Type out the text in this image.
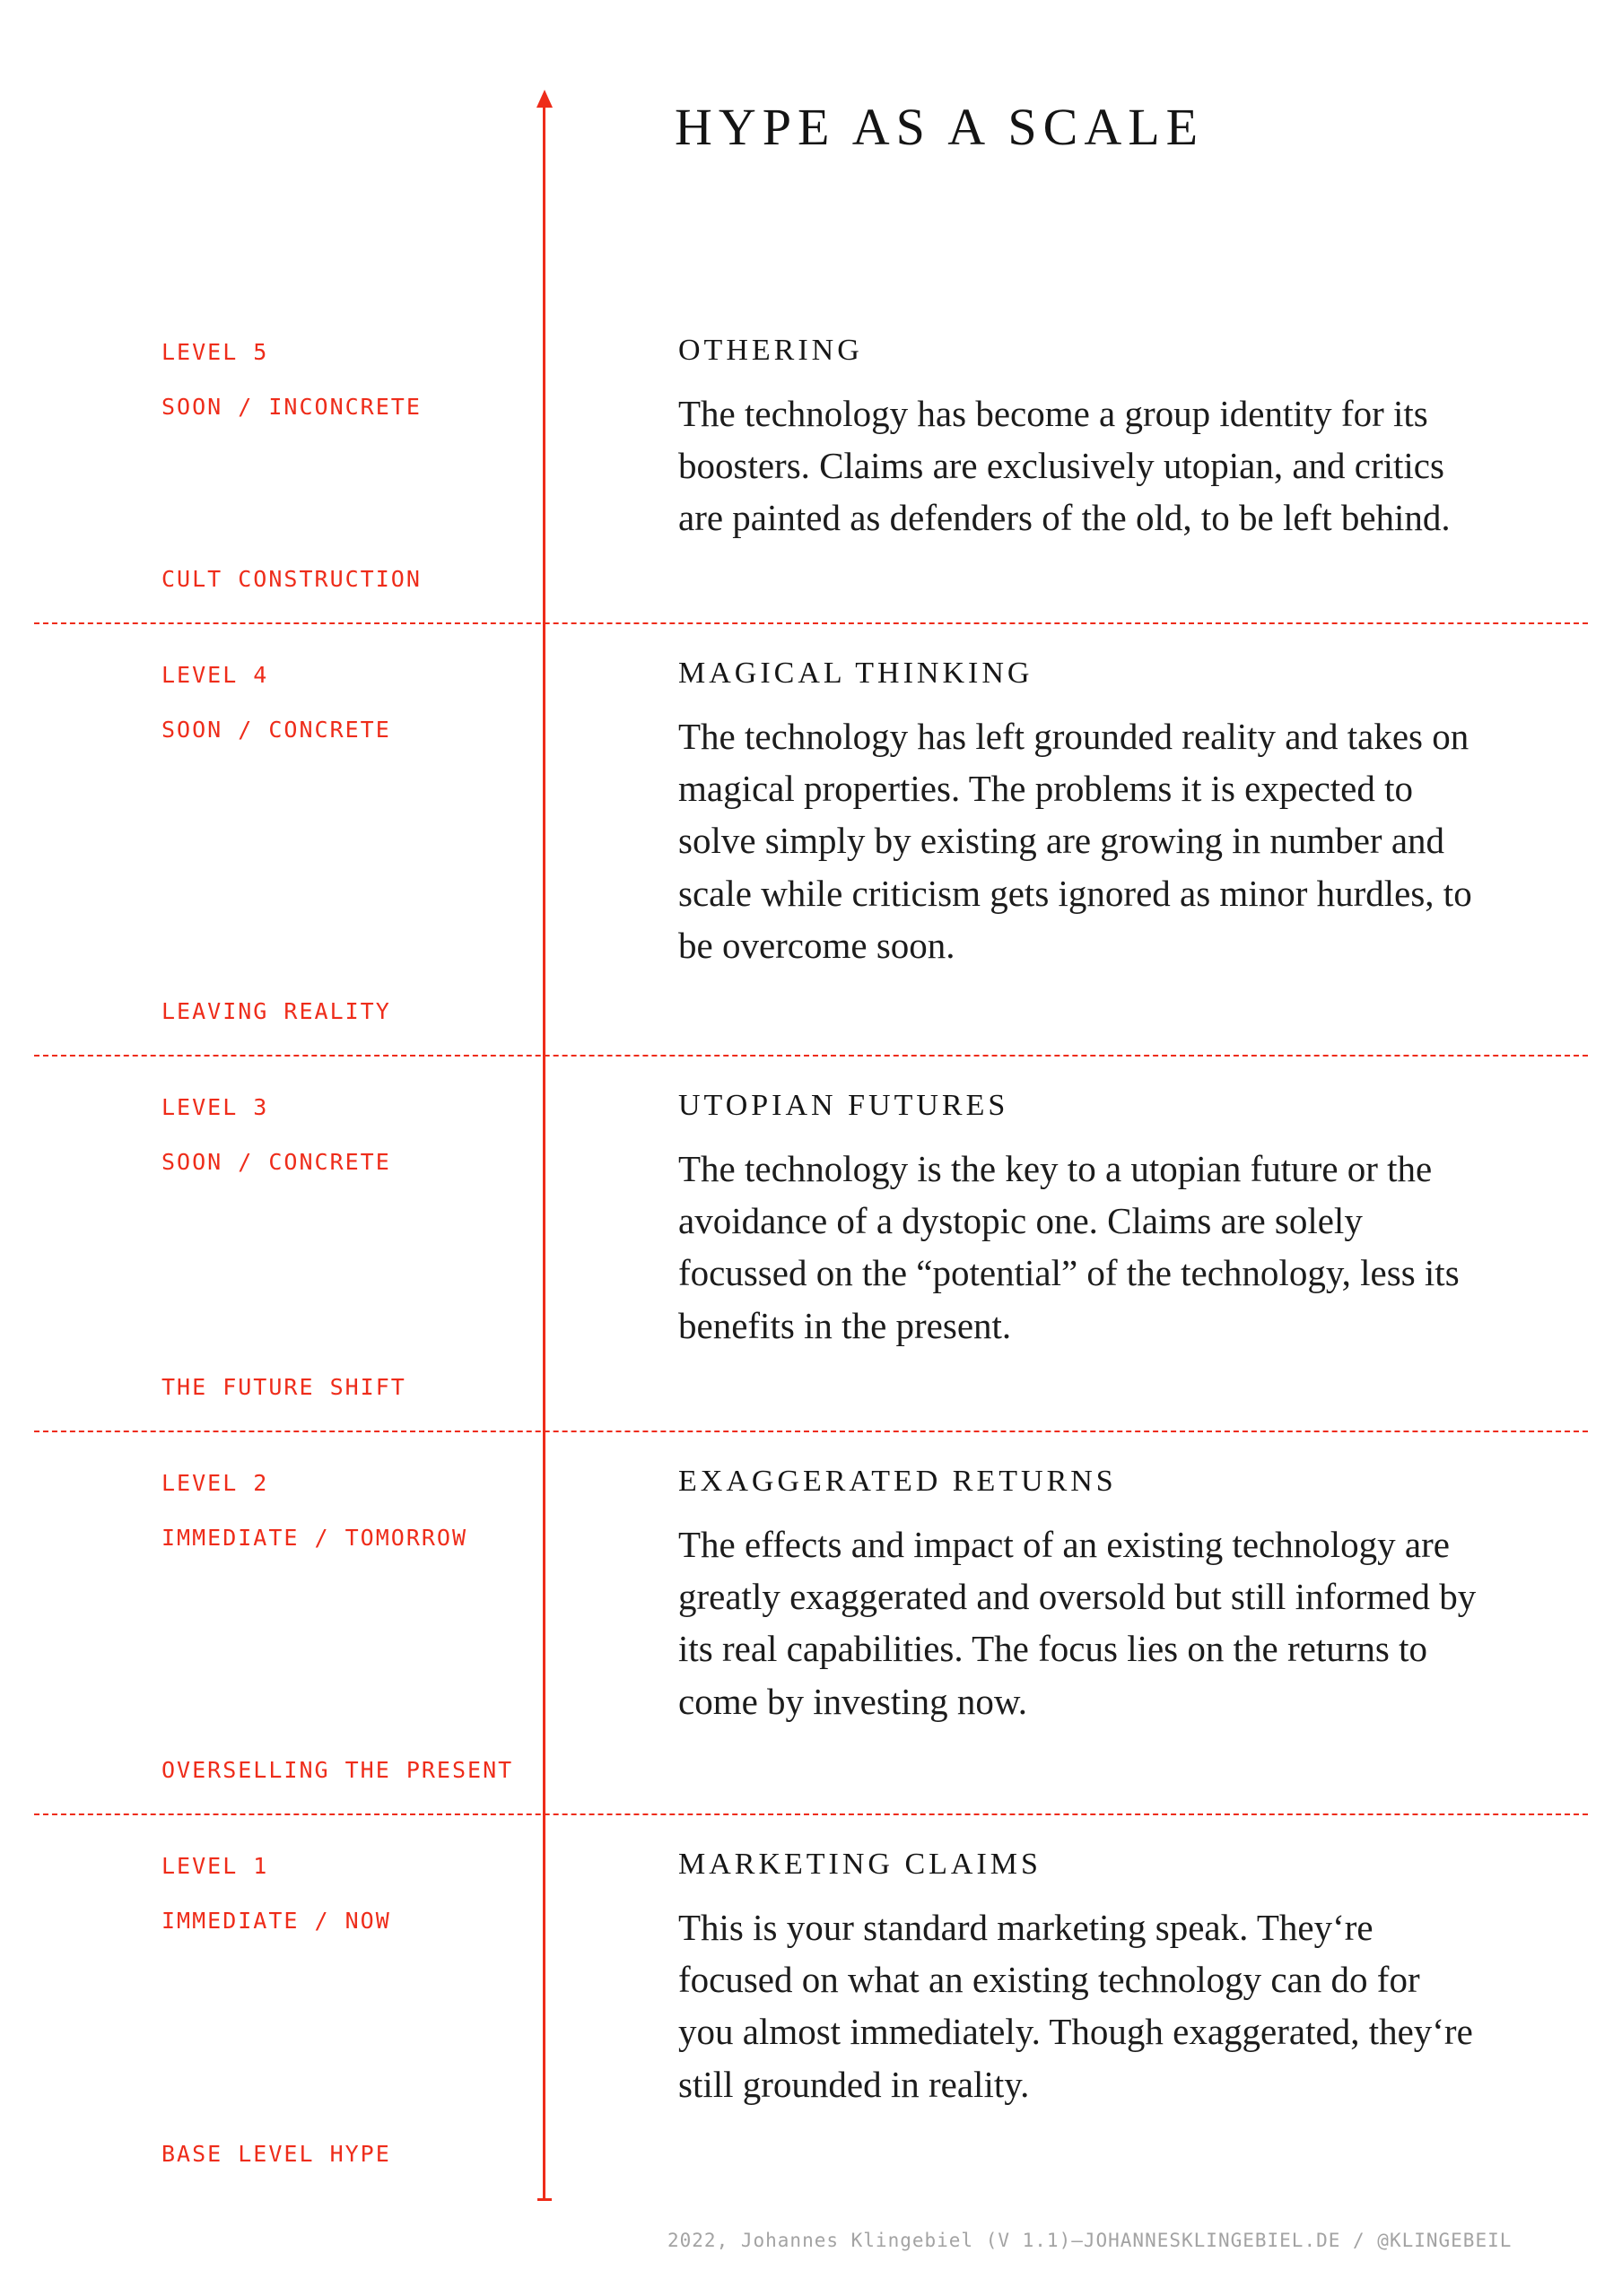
HYPE AS A SCALE
LEVEL 5
SOON / INCONCRETE
CULT CONSTRUCTION
OTHERING

The technology has become a group identity for its boosters. Claims are exclusively utopian, and critics are painted as defenders of the old, to be left behind.

LEVEL 4
SOON / CONCRETE
LEAVING REALITY
MAGICAL THINKING

The technology has left grounded reality and takes on magical properties. The problems it is expected to solve simply by existing are growing in number and scale while criticism gets ignored as minor hurdles, to be overcome soon.

LEVEL 3
SOON / CONCRETE
THE FUTURE SHIFT
UTOPIAN FUTURES

The technology is the key to a utopian future or the avoidance of a dystopic one. Claims are solely focussed on the “potential” of the technology, less its benefits in the present.

LEVEL 2
IMMEDIATE / TOMORROW
OVERSELLING THE PRESENT
EXAGGERATED RETURNS

The effects and impact of an existing technology are greatly exaggerated and oversold but still informed by its real capabilities. The focus lies on the returns to come by investing now.

LEVEL 1
IMMEDIATE / NOW
BASE LEVEL HYPE
MARKETING CLAIMS

This is your standard marketing speak. They‘re focused on what an existing technology can do for you almost immediately. Though exaggerated, they‘re still grounded in reality.

2022, Johannes Klingebiel (V 1.1)—JOHANNESKLINGEBIEL.DE / @KLINGEBEIL
